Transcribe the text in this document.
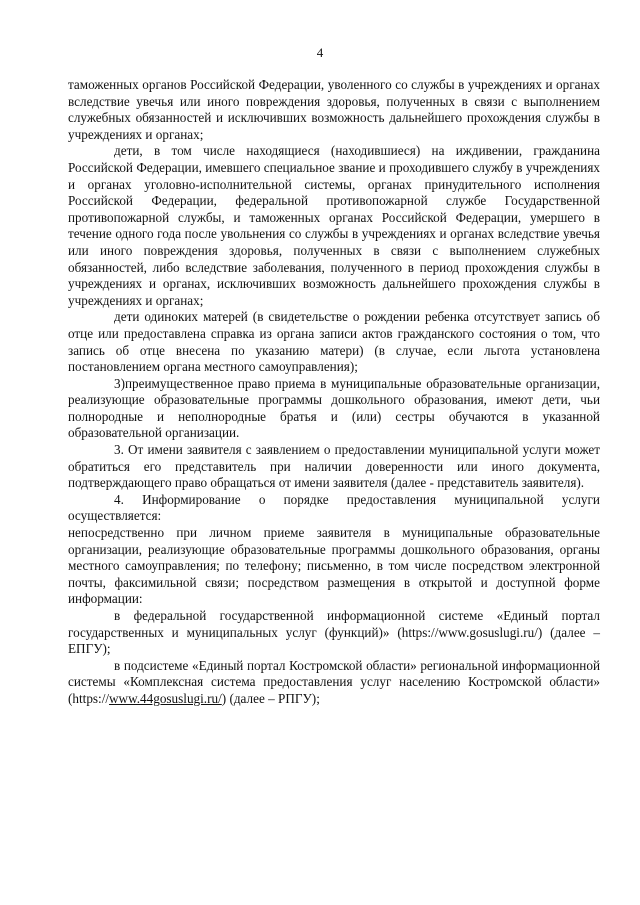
4

таможенных органов Российской Федерации, уволенного со службы в учреждениях и органах вследствие увечья или иного повреждения здоровья, полученных в связи с выполнением служебных обязанностей и исключивших возможность дальнейшего прохождения службы в учреждениях и органах;

дети, в том числе находящиеся (находившиеся) на иждивении, гражданина Российской Федерации, имевшего специальное звание и проходившего службу в учреждениях и органах уголовно-исполнительной системы, органах принудительного исполнения Российской Федерации, федеральной противопожарной службе Государственной противопожарной службы, и таможенных органах Российской Федерации, умершего в течение одного года после увольнения со службы в учреждениях и органах вследствие увечья или иного повреждения здоровья, полученных в связи с выполнением служебных обязанностей, либо вследствие заболевания, полученного в период прохождения службы в учреждениях и органах, исключивших возможность дальнейшего прохождения службы в учреждениях и органах;

дети одиноких матерей (в свидетельстве о рождении ребенка отсутствует запись об отце или предоставлена справка из органа записи актов гражданского состояния о том, что запись об отце внесена по указанию матери) (в случае, если льгота установлена постановлением органа местного самоуправления);

3)преимущественное право приема в муниципальные образовательные организации, реализующие образовательные программы дошкольного образования, имеют дети, чьи полнородные и неполнородные братья и (или) сестры обучаются в указанной образовательной организации.

3. От имени заявителя с заявлением о предоставлении муниципальной услуги может обратиться его представитель при наличии доверенности или иного документа, подтверждающего право обращаться от имени заявителя (далее - представитель заявителя).

4. Информирование о порядке предоставления муниципальной услуги осуществляется:

непосредственно при личном приеме заявителя в муниципальные образовательные организации, реализующие образовательные программы дошкольного образования, органы местного самоуправления; по телефону; письменно, в том числе посредством электронной почты, факсимильной связи; посредством размещения в открытой и доступной форме информации:

в федеральной государственной информационной системе «Единый портал государственных и муниципальных услуг (функций)» (https://www.gosuslugi.ru/) (далее – ЕПГУ);

в подсистеме «Единый портал Костромской области» региональной информационной системы «Комплексная система предоставления услуг населению Костромской области» (https://www.44gosuslugi.ru/) (далее – РПГУ);
